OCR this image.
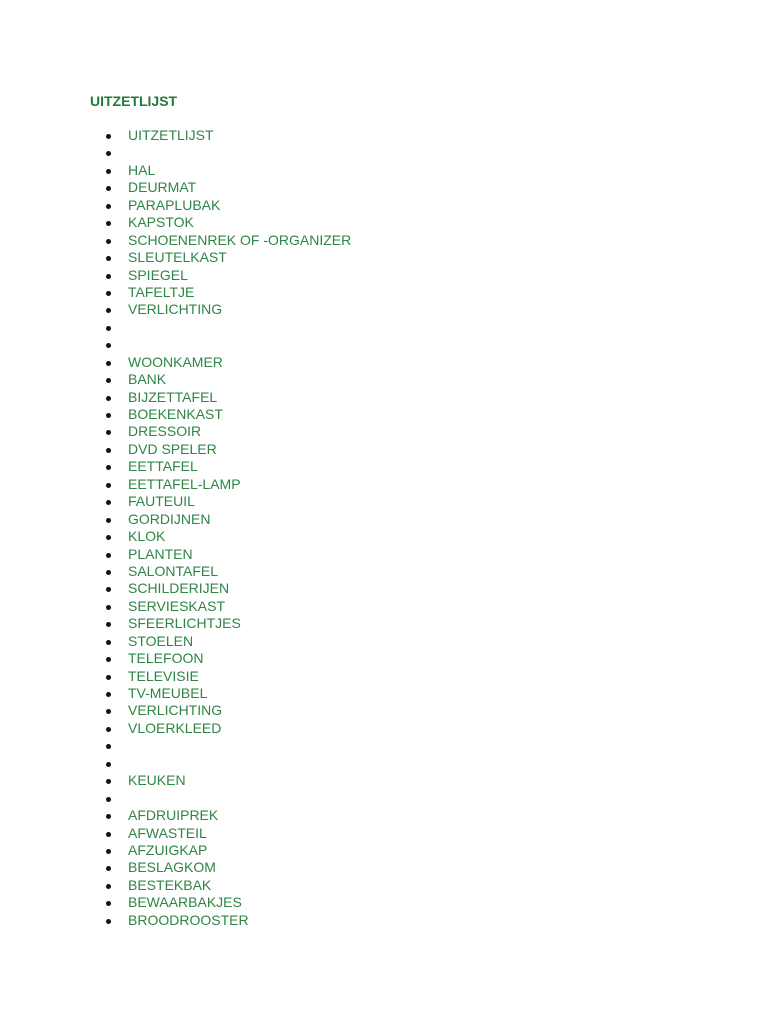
UITZETLIJST
UITZETLIJST
HAL
DEURMAT
PARAPLUBAK
KAPSTOK
SCHOENENREK OF -ORGANIZER
SLEUTELKAST
SPIEGEL
TAFELTJE
VERLICHTING
WOONKAMER
BANK
BIJZETTAFEL
BOEKENKAST
DRESSOIR
DVD SPELER
EETTAFEL
EETTAFEL-LAMP
FAUTEUIL
GORDIJNEN
KLOK
PLANTEN
SALONTAFEL
SCHILDERIJEN
SERVIESKAST
SFEERLICHTJES
STOELEN
TELEFOON
TELEVISIE
TV-MEUBEL
VERLICHTING
VLOERKLEED
KEUKEN
AFDRUIPREK
AFWASTEIL
AFZUIGKAP
BESLAGKOM
BESTEKBAK
BEWAARBAKJES
BROODROOSTER
